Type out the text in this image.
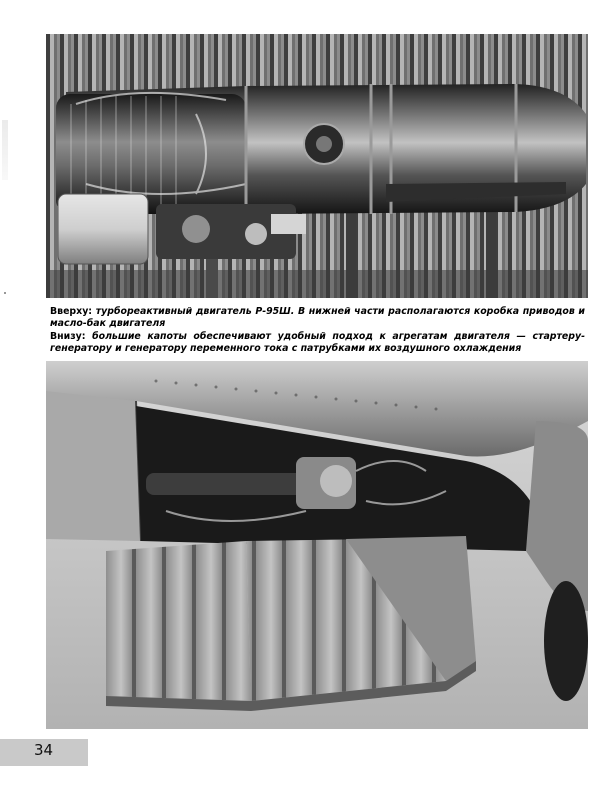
Вверху: турбореактивный двигатель Р-95Ш. В нижней части располагаются коробка приводов и масло-бак двигателя
Внизу: большие капоты обеспечивают удобный подход к агрегатам двигателя — стартеру-генератору и генератору переменного тока с патрубками их воздушного охлаждения
34
